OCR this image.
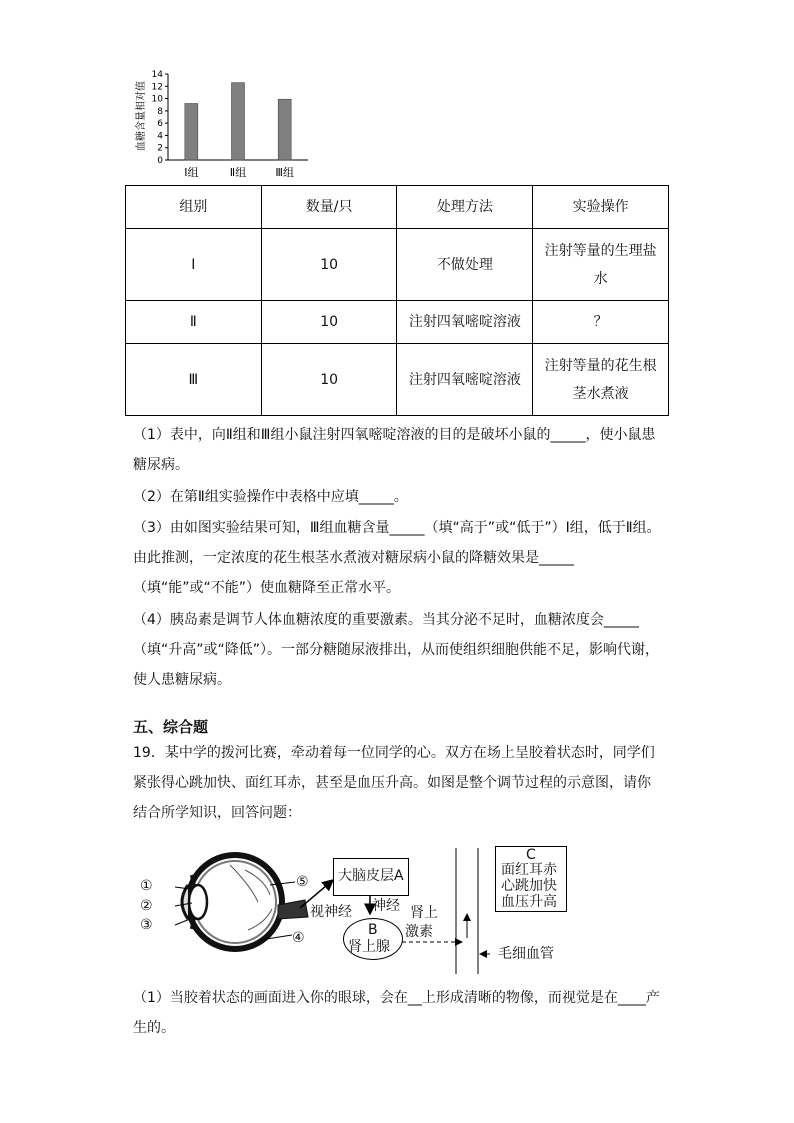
0
2
4
6
8
10
12
14
Ⅰ组	Ⅱ组	Ⅲ组
血糖含量相对值
组别	数量/只	处理方法	实验操作
Ⅰ	10	不做处理	注射等量的生理盐水
Ⅱ	10	注射四氧嘧啶溶液	？
Ⅲ	10	注射四氧嘧啶溶液	注射等量的花生根茎水煮液
（1）表中，向Ⅱ组和Ⅲ组小鼠注射四氧嘧啶溶液的目的是破坏小鼠的_____，使小鼠患糖尿病。
（2）在第Ⅱ组实验操作中表格中应填_____。
（3）由如图实验结果可知，Ⅲ组血糖含量_____（填“高于”或“低于”）Ⅰ组，低于Ⅱ组。由此推测，一定浓度的花生根茎水煮液对糖尿病小鼠的降糖效果是_____（填“能”或“不能”）使血糖降至正常水平。
（4）胰岛素是调节人体血糖浓度的重要激素。当其分泌不足时，血糖浓度会_____（填“升高”或“降低”）。一部分糖随尿液排出，从而使组织细胞供能不足，影响代谢，使人患糖尿病。
五、综合题
19．某中学的拨河比赛，牵动着每一位同学的心。双方在场上呈胶着状态时，同学们紧张得心跳加快、面红耳赤，甚至是血压升高。如图是整个调节过程的示意图，请你结合所学知识，回答问题：
①
②
③
④
⑤ 大脑皮层A
视神经 神经
B
肾上腺
肾上
激素
毛细血管
C
面红耳赤
心跳加快
血压升高
（1）当胶着状态的画面进入你的眼球，会在__上形成清晰的物像，而视觉是在____产生的。
